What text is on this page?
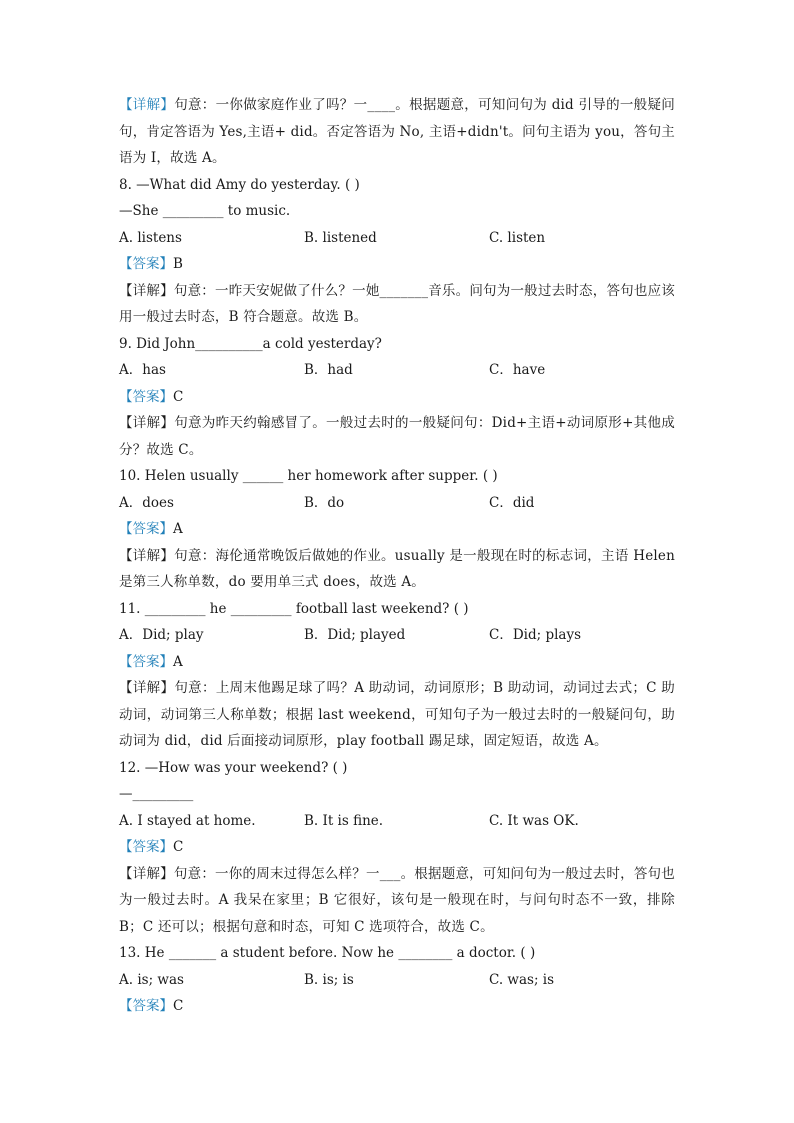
【详解】句意：一你做家庭作业了吗？一____。根据题意，可知问句为 did 引导的一般疑问句，肯定答语为 Yes,主语+ did。否定答语为 No, 主语+didn't。问句主语为 you，答句主语为 I，故选 A。
8. —What did Amy do yesterday. ( )
—She _________ to music.
A. listens	B. listened	C. listen
【答案】B
【详解】句意：一昨天安妮做了什么？一她_______音乐。问句为一般过去时态，答句也应该用一般过去时态，B 符合题意。故选 B。
9. Did John__________a cold yesterday?
A．has	B．had	C．have
【答案】C
【详解】句意为昨天约翰感冒了。一般过去时的一般疑问句：Did+主语+动词原形+其他成分？故选 C。
10. Helen usually ______ her homework after supper. ( )
A．does	B．do	C．did
【答案】A
【详解】句意：海伦通常晚饭后做她的作业。usually 是一般现在时的标志词，主语 Helen 是第三人称单数，do 要用单三式 does，故选 A。
11. _________ he _________ football last weekend? ( )
A．Did; play	B．Did; played	C．Did; plays
【答案】A
【详解】句意：上周末他踢足球了吗？A 助动词，动词原形；B 助动词，动词过去式；C 助动词，动词第三人称单数；根据 last weekend，可知句子为一般过去时的一般疑问句，助动词为 did，did 后面接动词原形，play football 踢足球，固定短语，故选 A。
12. —How was your weekend? ( )
—_________
A. I stayed at home.	B. It is fine.	C. It was OK.
【答案】C
【详解】句意：一你的周末过得怎么样？一___。根据题意，可知问句为一般过去时，答句也为一般过去时。A 我呆在家里；B 它很好，该句是一般现在时，与问句时态不一致，排除 B；C 还可以；根据句意和时态，可知 C 选项符合，故选 C。
13. He _______ a student before. Now he ________ a doctor. ( )
A. is; was	B. is; is	C. was; is
【答案】C
